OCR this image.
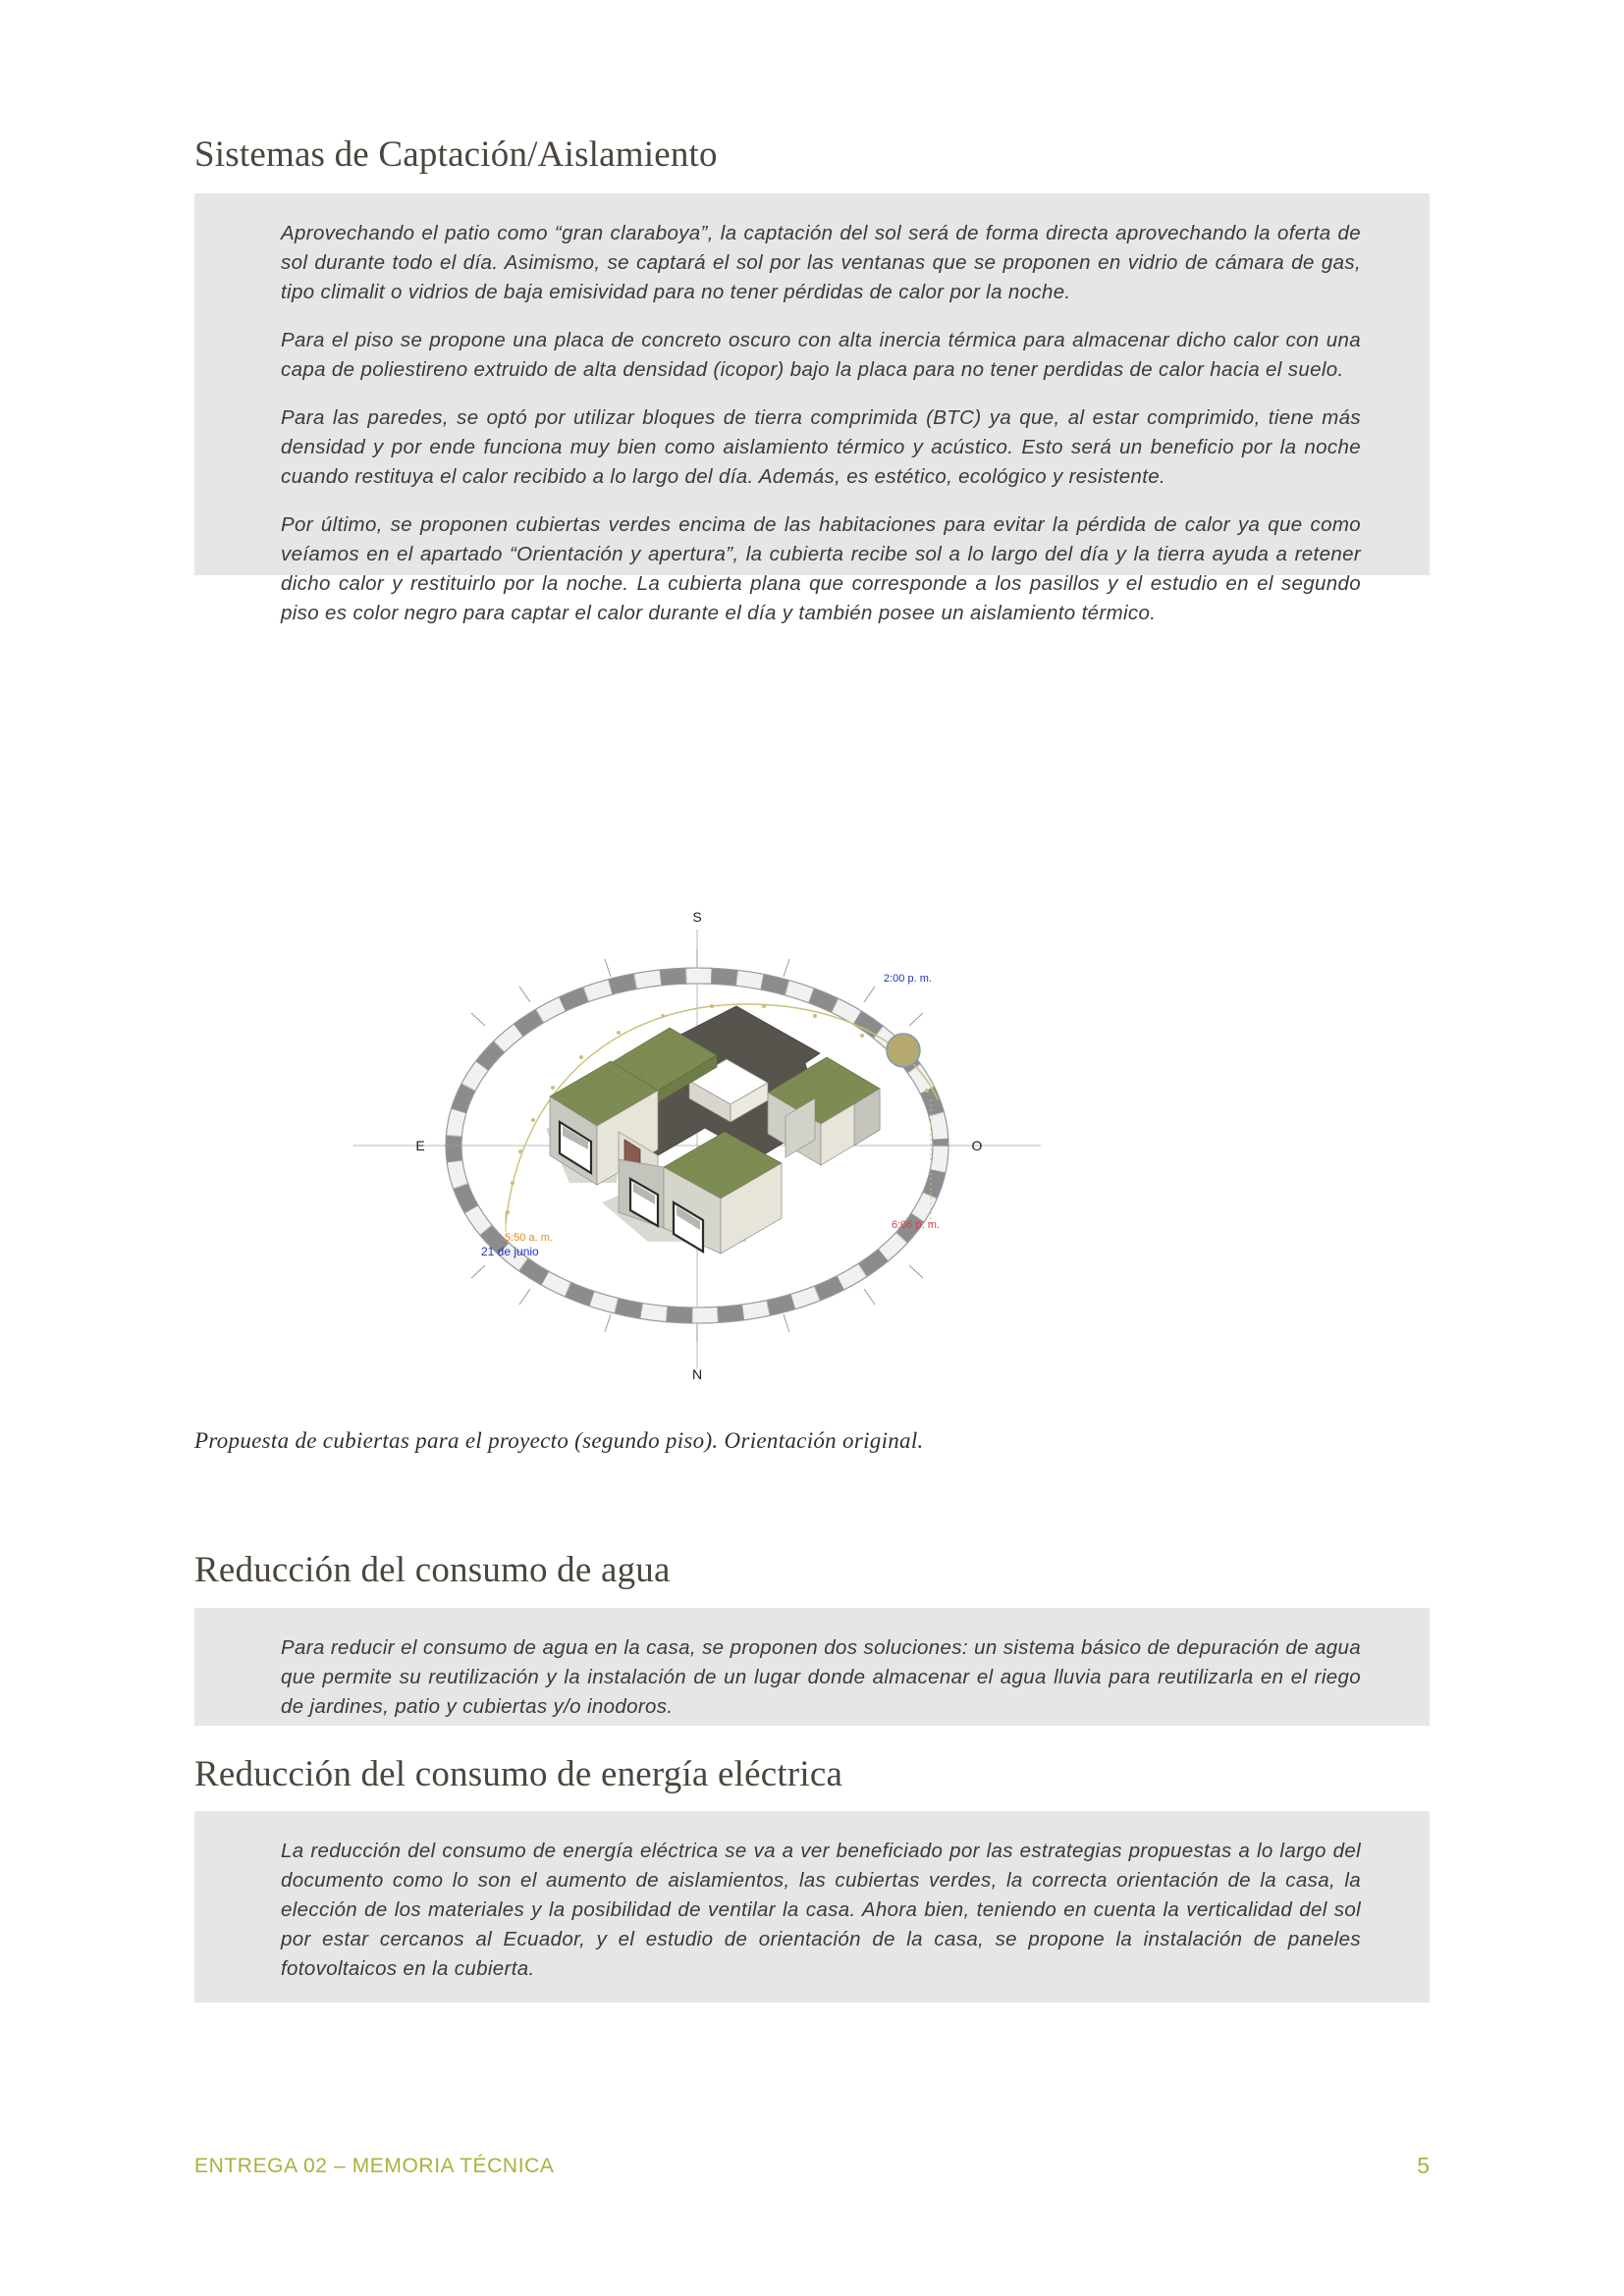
Sistemas de Captación/Aislamiento

Aprovechando el patio como “gran claraboya”, la captación del sol será de forma directa aprovechando la oferta de sol durante todo el día. Asimismo, se captará el sol por las ventanas que se proponen en vidrio de cámara de gas, tipo climalit o vidrios de baja emisividad para no tener pérdidas de calor por la noche.

Para el piso se propone una placa de concreto oscuro con alta inercia térmica para almacenar dicho calor con una capa de poliestireno extruido de alta densidad (icopor) bajo la placa para no tener perdidas de calor hacia el suelo.

Para las paredes, se optó por utilizar bloques de tierra comprimida (BTC) ya que, al estar comprimido, tiene más densidad y por ende funciona muy bien como aislamiento térmico y acústico. Esto será un beneficio por la noche cuando restituya el calor recibido a lo largo del día. Además, es estético, ecológico y resistente.

Por último, se proponen cubiertas verdes encima de las habitaciones para evitar la pérdida de calor ya que como veíamos en el apartado “Orientación y apertura”, la cubierta recibe sol a lo largo del día y la tierra ayuda a retener dicho calor y restituirlo por la noche. La cubierta plana que corresponde a los pasillos y el estudio en el segundo piso es color negro para captar el calor durante el día y también posee un aislamiento térmico.

S
N
E	O
5:50 a. m.
21 de junio
2:00 p. m.
6:06 p. m.
Propuesta de cubiertas para el proyecto (segundo piso). Orientación original.
Reducción del consumo de agua

Para reducir el consumo de agua en la casa, se proponen dos soluciones: un sistema básico de depuración de agua que permite su reutilización y la instalación de un lugar donde almacenar el agua lluvia para reutilizarla en el riego de jardines, patio y cubiertas y/o inodoros.

Reducción del consumo de energía eléctrica

La reducción del consumo de energía eléctrica se va a ver beneficiado por las estrategias propuestas a lo largo del documento como lo son el aumento de aislamientos, las cubiertas verdes, la correcta orientación de la casa, la elección de los materiales y la posibilidad de ventilar la casa. Ahora bien, teniendo en cuenta la verticalidad del sol por estar cercanos al Ecuador, y el estudio de orientación de la casa, se propone la instalación de paneles fotovoltaicos en la cubierta.

ENTREGA 02 – MEMORIA TÉCNICA	5
